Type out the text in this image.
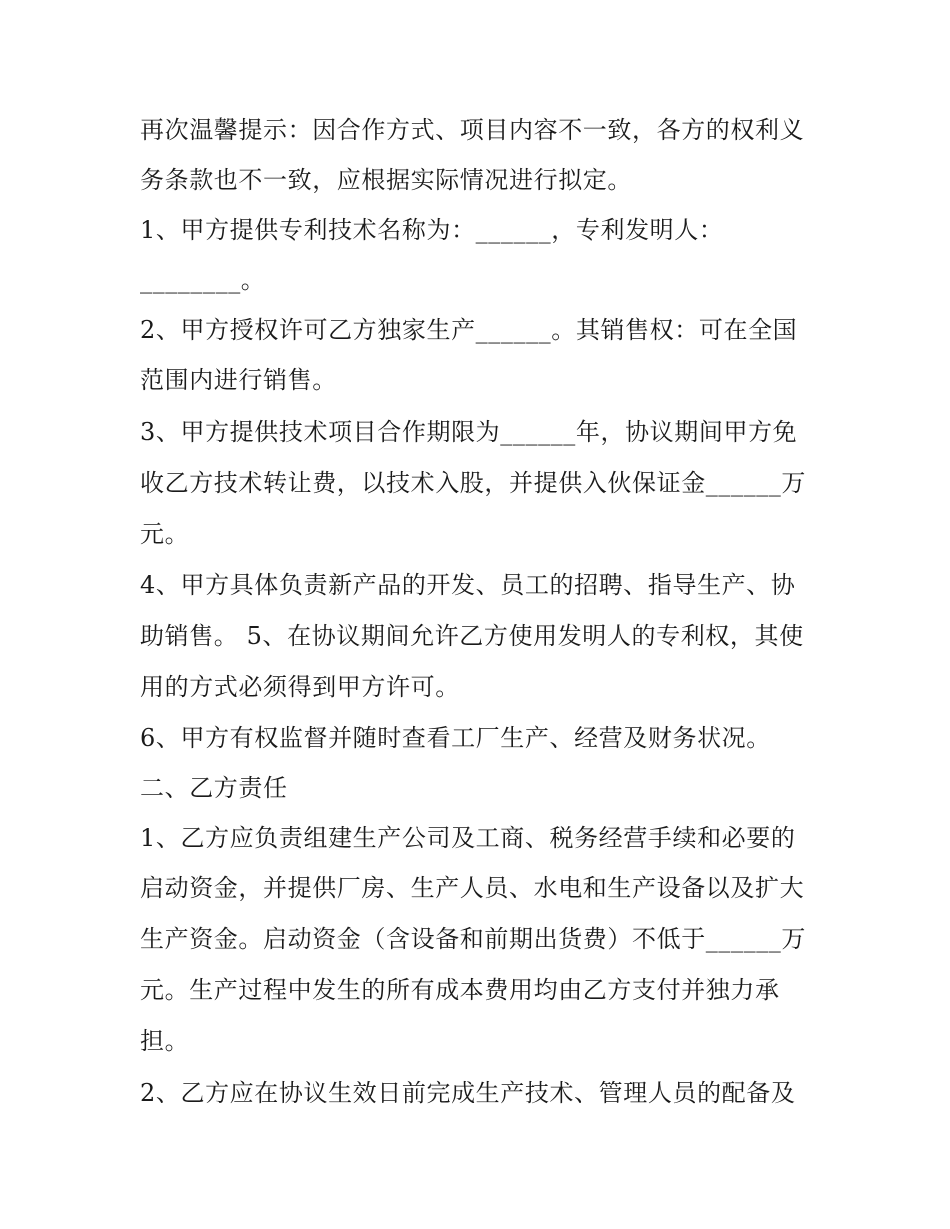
再次温馨提示：因合作方式、项目内容不一致，各方的权利义
务条款也不一致，应根据实际情况进行拟定。
1、甲方提供专利技术名称为：______，专利发明人：
________。
2、甲方授权许可乙方独家生产______。其销售权：可在全国
范围内进行销售。
3、甲方提供技术项目合作期限为______年，协议期间甲方免
收乙方技术转让费，以技术入股，并提供入伙保证金______万
元。
4、甲方具体负责新产品的开发、员工的招聘、指导生产、协
助销售。 5、在协议期间允许乙方使用发明人的专利权，其使
用的方式必须得到甲方许可。
6、甲方有权监督并随时查看工厂生产、经营及财务状况。
二、乙方责任
1、乙方应负责组建生产公司及工商、税务经营手续和必要的
启动资金，并提供厂房、生产人员、水电和生产设备以及扩大
生产资金。启动资金（含设备和前期出货费）不低于______万
元。生产过程中发生的所有成本费用均由乙方支付并独力承
担。
2、乙方应在协议生效日前完成生产技术、管理人员的配备及
